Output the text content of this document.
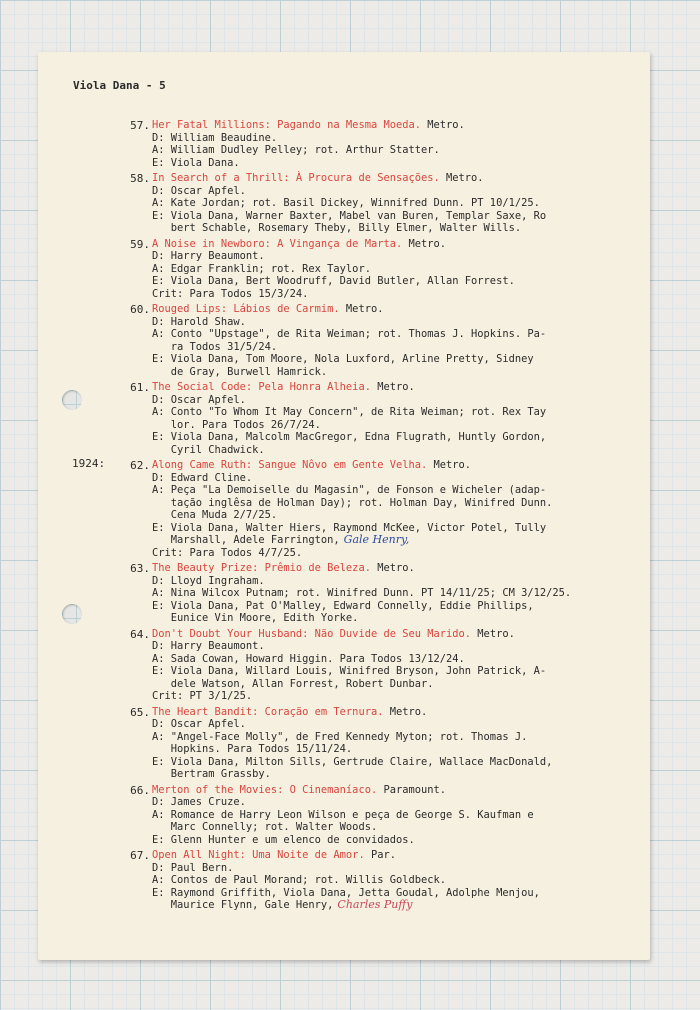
Viola Dana - 5
1924:
57. Her Fatal Millions: Pagando na Mesma Moeda. Metro.
D: William Beaudine.
A: William Dudley Pelley; rot. Arthur Statter.
E: Viola Dana.
58. In Search of a Thrill: À Procura de Sensações. Metro.
D: Oscar Apfel.
A: Kate Jordan; rot. Basil Dickey, Winnifred Dunn. PT 10/1/25.
E: Viola Dana, Warner Baxter, Mabel van Buren, Templar Saxe, Ro
bert Schable, Rosemary Theby, Billy Elmer, Walter Wills.
59. A Noise in Newboro: A Vingança de Marta. Metro.
D: Harry Beaumont.
A: Edgar Franklin; rot. Rex Taylor.
E: Viola Dana, Bert Woodruff, David Butler, Allan Forrest.
Crit: Para Todos 15/3/24.
60. Rouged Lips: Lábios de Carmim. Metro.
D: Harold Shaw.
A: Conto "Upstage", de Rita Weiman; rot. Thomas J. Hopkins. Pa-
ra Todos 31/5/24.
E: Viola Dana, Tom Moore, Nola Luxford, Arline Pretty, Sidney
de Gray, Burwell Hamrick.
61. The Social Code: Pela Honra Alheia. Metro.
D: Oscar Apfel.
A: Conto "To Whom It May Concern", de Rita Weiman; rot. Rex Tay
lor. Para Todos 26/7/24.
E: Viola Dana, Malcolm MacGregor, Edna Flugrath, Huntly Gordon,
Cyril Chadwick.
62. Along Came Ruth: Sangue Nôvo em Gente Velha. Metro.
D: Edward Cline.
A: Peça "La Demoiselle du Magasin", de Fonson e Wicheler (adap-
tação inglêsa de Holman Day); rot. Holman Day, Winifred Dunn.
Cena Muda 2/7/25.
E: Viola Dana, Walter Hiers, Raymond McKee, Victor Potel, Tully
Marshall, Adele Farrington, Gale Henry,
Crit: Para Todos 4/7/25.
63. The Beauty Prize: Prêmio de Beleza. Metro.
D: Lloyd Ingraham.
A: Nina Wilcox Putnam; rot. Winifred Dunn. PT 14/11/25; CM 3/12/25.
E: Viola Dana, Pat O'Malley, Edward Connelly, Eddie Phillips,
Eunice Vin Moore, Edith Yorke.
64. Don't Doubt Your Husband: Não Duvide de Seu Marido. Metro.
D: Harry Beaumont.
A: Sada Cowan, Howard Higgin. Para Todos 13/12/24.
E: Viola Dana, Willard Louis, Winifred Bryson, John Patrick, A-
dele Watson, Allan Forrest, Robert Dunbar.
Crit: PT 3/1/25.
65. The Heart Bandit: Coração em Ternura. Metro.
D: Oscar Apfel.
A: "Angel-Face Molly", de Fred Kennedy Myton; rot. Thomas J.
Hopkins. Para Todos 15/11/24.
E: Viola Dana, Milton Sills, Gertrude Claire, Wallace MacDonald,
Bertram Grassby.
66. Merton of the Movies: O Cinemaníaco. Paramount.
D: James Cruze.
A: Romance de Harry Leon Wilson e peça de George S. Kaufman e
Marc Connelly; rot. Walter Woods.
E: Glenn Hunter e um elenco de convidados.
67. Open All Night: Uma Noite de Amor. Par.
D: Paul Bern.
A: Contos de Paul Morand; rot. Willis Goldbeck.
E: Raymond Griffith, Viola Dana, Jetta Goudal, Adolphe Menjou,
Maurice Flynn, Gale Henry, Charles Puffy
